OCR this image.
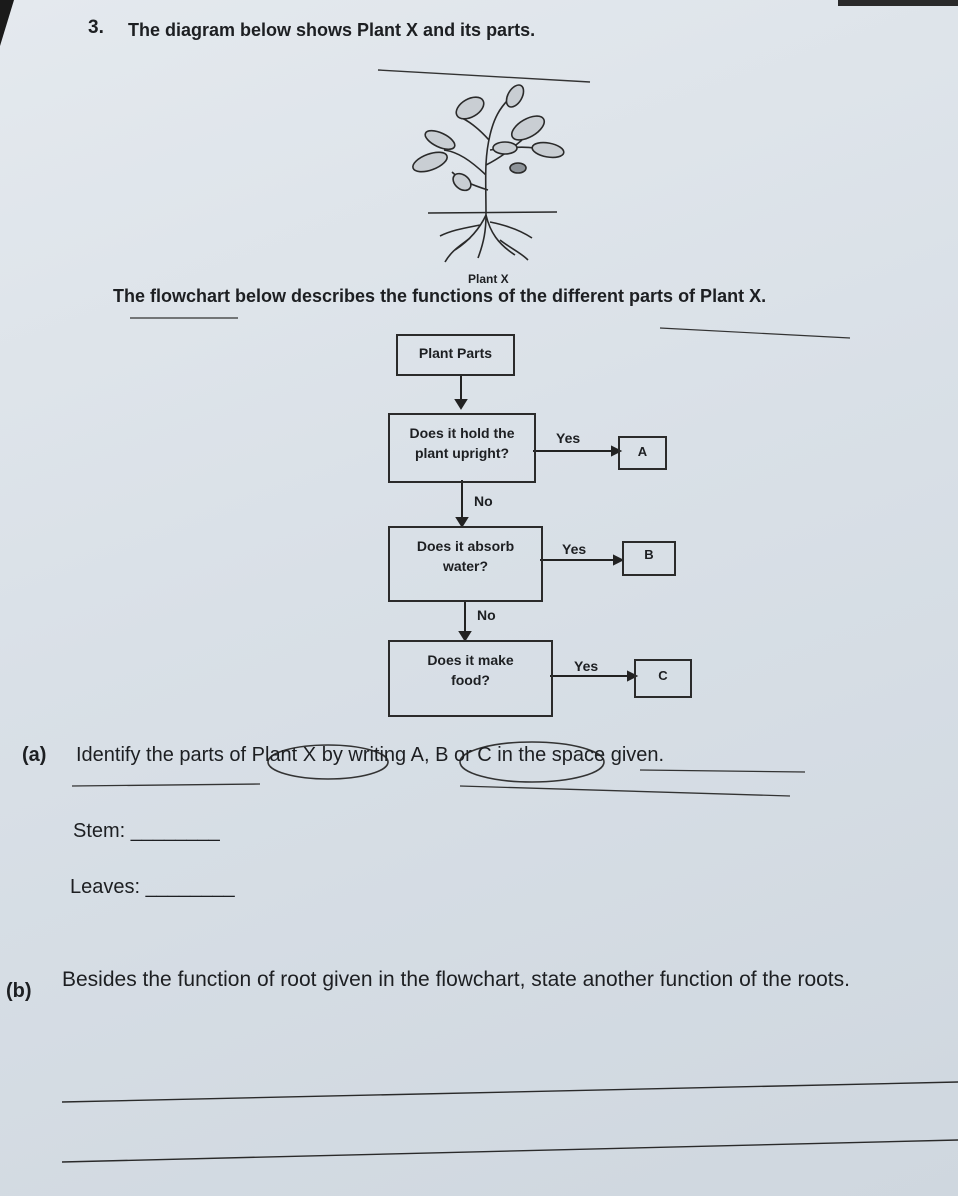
3. The diagram below shows Plant X and its parts.
Plant X
The flowchart below describes the functions of the different parts of Plant X.
Plant Parts
Does it hold the
plant upright?
Does it absorb
water?
Does it make
food?
Yes
Yes
Yes
No
No
A
B
C
(a) Identify the parts of Plant X by writing A, B or C in the space given.
Stem: ________
Leaves: ________
(b) Besides the function of root given in the flowchart, state another function of the roots.
